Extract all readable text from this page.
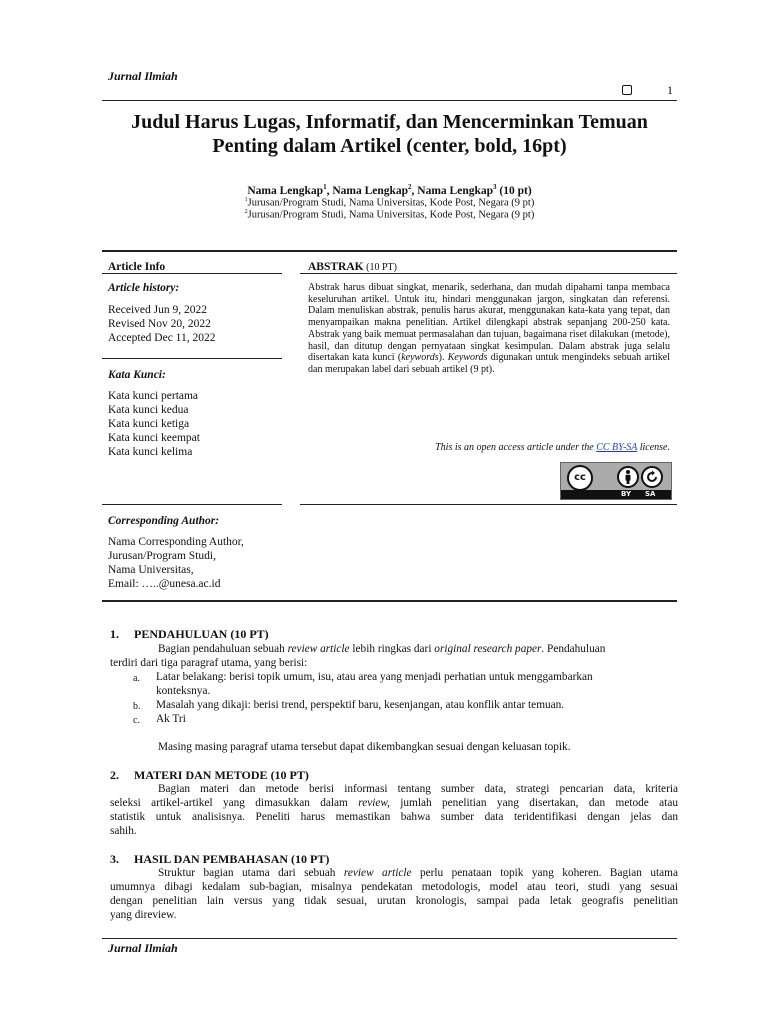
Jurnal Ilmiah
1
Judul Harus Lugas, Informatif, dan Mencerminkan Temuan
Penting dalam Artikel (center, bold, 16pt)
Nama Lengkap$^1$, Nama Lengkap$^2$, Nama Lengkap$^3$ (10 pt)
$^1$Jurusan/Program Studi, Nama Universitas, Kode Post, Negara (9 pt)
$^2$Jurusan/Program Studi, Nama Universitas, Kode Post, Negara (9 pt)
Article Info
Article history:
Received Jun 9, 2022
Revised Nov 20, 2022
Accepted Dec 11, 2022
Kata Kunci:
Kata kunci pertama
Kata kunci kedua
Kata kunci ketiga
Kata kunci keempat
Kata kunci kelima
Corresponding Author:
Nama Corresponding Author,
Jurusan/Program Studi,
Nama Universitas,
Email: …..@unesa.ac.id
ABSTRAK (10 PT)
Abstrak harus dibuat singkat, menarik, sederhana, dan mudah dipahami tanpa membaca keseluruhan artikel. Untuk itu, hindari menggunakan jargon, singkatan dan referensi. Dalam menuliskan abstrak, penulis harus akurat, menggunakan kata-kata yang tepat, dan menyampaikan makna penelitian. Artikel dilengkapi abstrak sepanjang 200-250 kata. Abstrak yang baik memuat permasalahan dan tujuan, bagaimana riset dilakukan (metode), hasil, dan ditutup dengan pernyataan singkat kesimpulan. Dalam abstrak juga selalu disertakan kata kunci (keywords). Keywords digunakan untuk mengindeks sebuah artikel dan merupakan label dari sebuah artikel (9 pt).
This is an open access article under the CC BY-SA license.
cc
BY SA
1.     PENDAHULUAN (10 PT)
Bagian pendahuluan sebuah review article lebih ringkas dari original research paper. Pendahuluan
terdiri dari tiga paragraf utama, yang berisi:
a. Latar belakang: berisi topik umum, isu, atau area yang menjadi perhatian untuk menggambarkan
konteksnya.
b. Masalah yang dikaji: berisi trend, perspektif baru, kesenjangan, atau konflik antar temuan.
c. Ak Tri
Masing masing paragraf utama tersebut dapat dikembangkan sesuai dengan keluasan topik.
2.     MATERI DAN METODE (10 PT)
Bagian materi dan metode berisi informasi tentang sumber data, strategi pencarian data, kriteria
seleksi artikel-artikel yang dimasukkan dalam review, jumlah penelitian yang disertakan, dan metode atau
statistik untuk analisisnya. Peneliti harus memastikan bahwa sumber data teridentifikasi dengan jelas dan
sahih.
3.     HASIL DAN PEMBAHASAN (10 PT)
Struktur bagian utama dari sebuah review article perlu penataan topik yang koheren. Bagian utama
umumnya dibagi kedalam sub-bagian, misalnya pendekatan metodologis, model atau teori, studi yang sesuai
dengan penelitian lain versus yang tidak sesuai, urutan kronologis, sampai pada letak geografis penelitian
yang direview.
Jurnal Ilmiah
